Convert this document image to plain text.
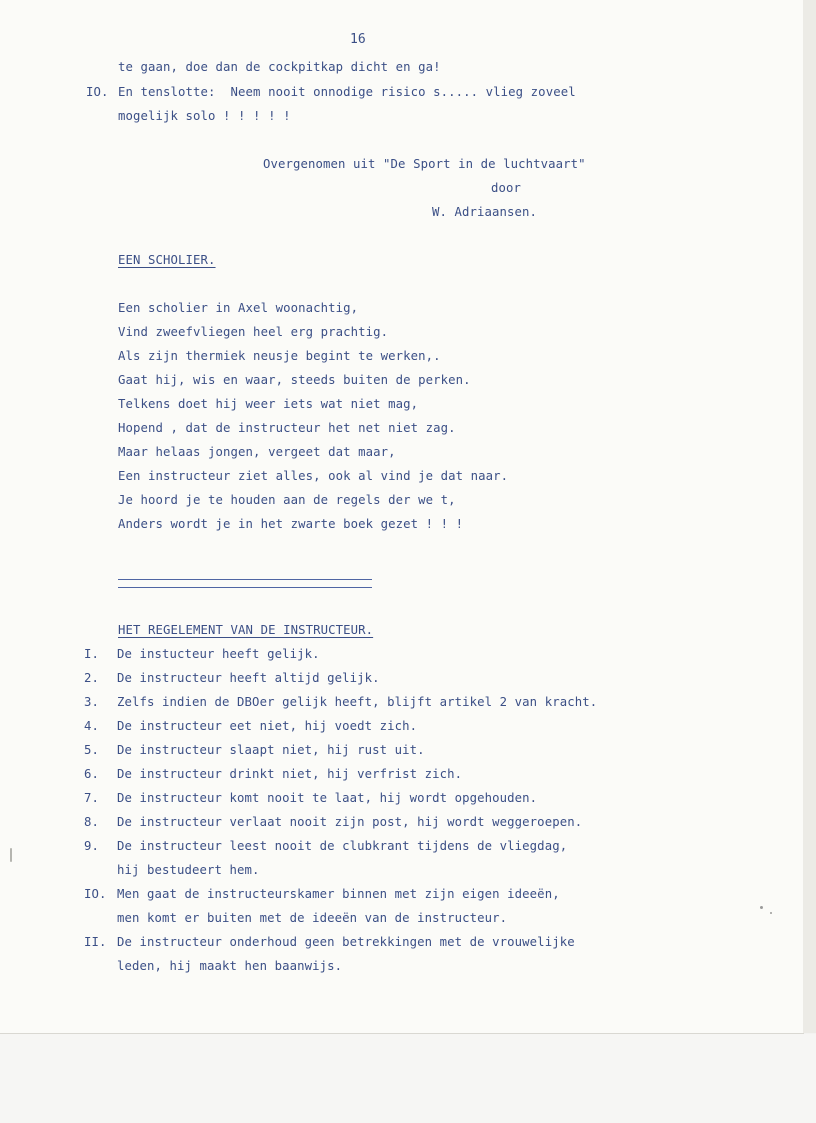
16

te gaan, doe dan de cockpitkap dicht en ga!

IO. En tenslotte:  Neem nooit onnodige risico s..... vlieg zoveel

mogelijk solo ! ! ! ! !

Overgenomen uit "De Sport in de luchtvaart"

door

W. Adriaansen.

EEN SCHOLIER.

Een scholier in Axel woonachtig,

Vind zweefvliegen heel erg prachtig.

Als zijn thermiek neusje begint te werken,.

Gaat hij, wis en waar, steeds buiten de perken.

Telkens doet hij weer iets wat niet mag,

Hopend , dat de instructeur het net niet zag.

Maar helaas jongen, vergeet dat maar,

Een instructeur ziet alles, ook al vind je dat naar.

Je hoord je te houden aan de regels der we t,

Anders wordt je in het zwarte boek gezet ! ! !

HET REGELEMENT VAN DE INSTRUCTEUR.

I. De instucteur heeft gelijk.

2. De instructeur heeft altijd gelijk.

3. Zelfs indien de DBOer gelijk heeft, blijft artikel 2 van kracht.

4. De instructeur eet niet, hij voedt zich.

5. De instructeur slaapt niet, hij rust uit.

6. De instructeur drinkt niet, hij verfrist zich.

7. De instructeur komt nooit te laat, hij wordt opgehouden.

8. De instructeur verlaat nooit zijn post, hij wordt weggeroepen.

9. De instructeur leest nooit de clubkrant tijdens de vliegdag,

hij bestudeert hem.

IO. Men gaat de instructeurskamer binnen met zijn eigen ideeën,

men komt er buiten met de ideeën van de instructeur.

II. De instructeur onderhoud geen betrekkingen met de vrouwelijke

leden, hij maakt hen baanwijs.
